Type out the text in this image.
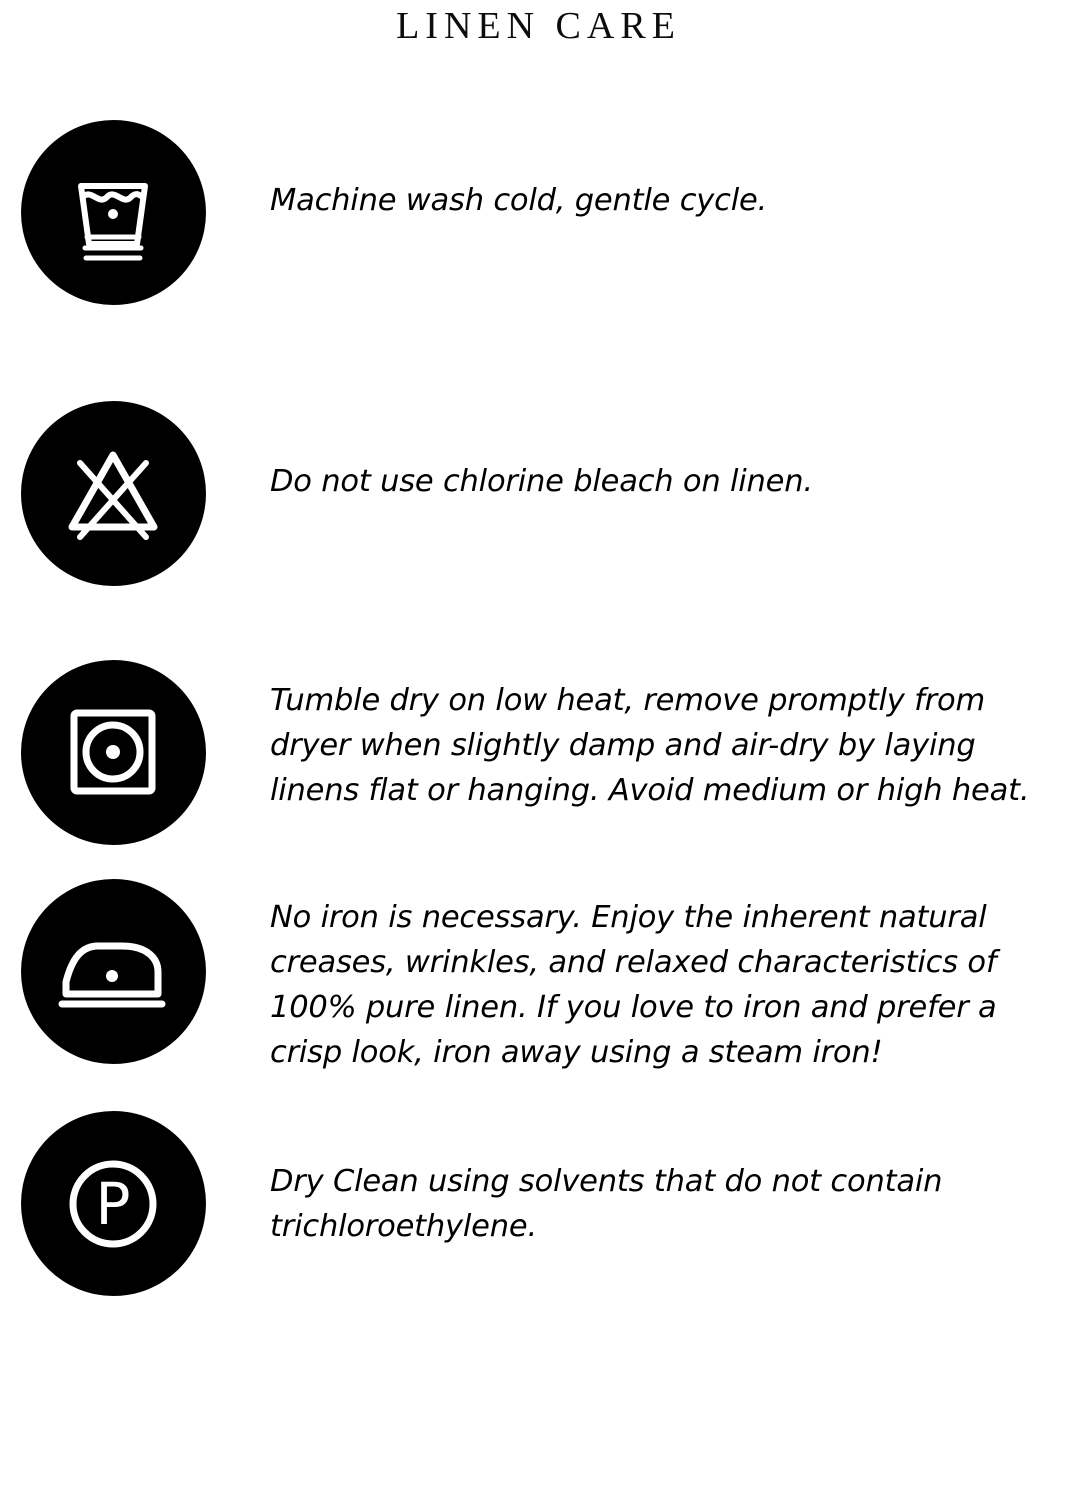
LINEN CARE
Machine wash cold, gentle cycle.
Do not use chlorine bleach on linen.
Tumble dry on low heat, remove promptly from dryer when slightly damp and air-dry by laying linens flat or hanging. Avoid medium or high heat.
No iron is necessary. Enjoy the inherent natural creases, wrinkles, and relaxed characteristics of 100% pure linen. If you love to iron and prefer a crisp look, iron away using a steam iron!
P	Dry Clean using solvents that do not contain trichloroethylene.
